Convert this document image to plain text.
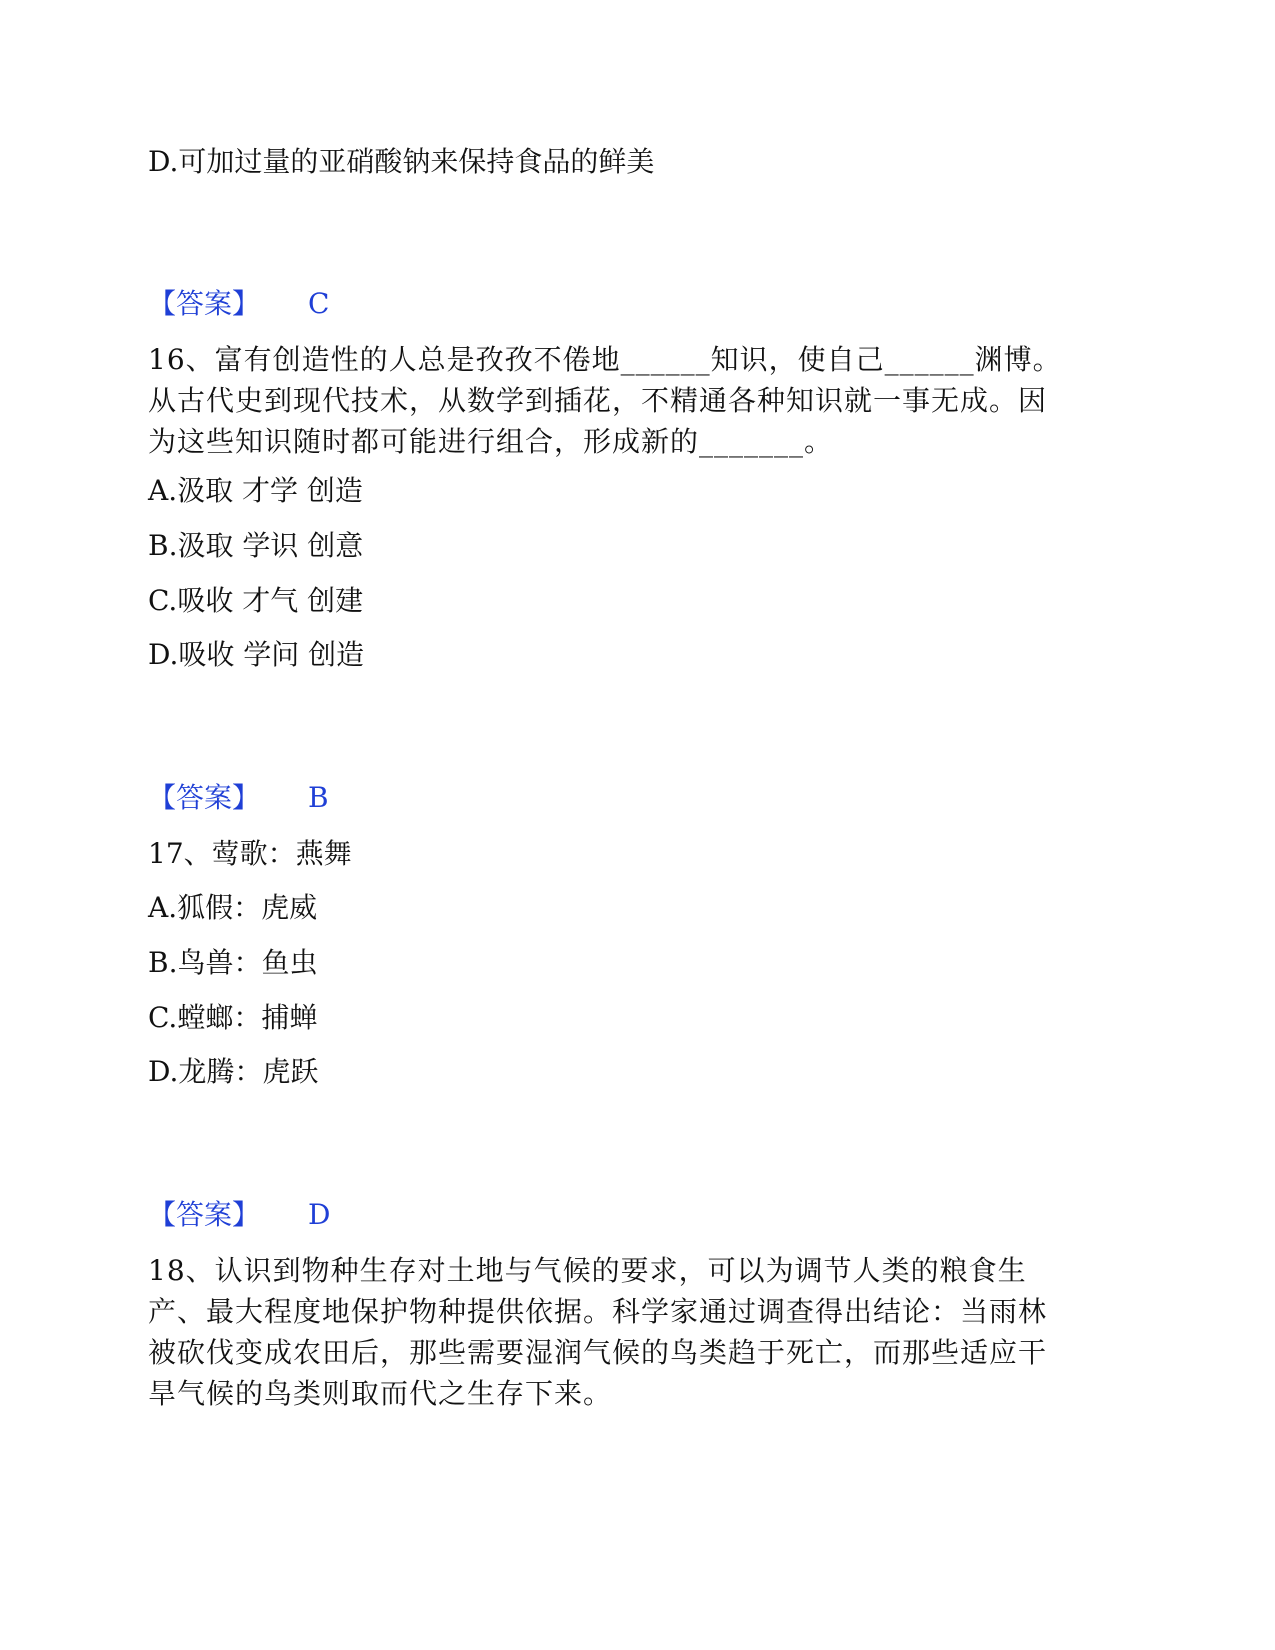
D.可加过量的亚硝酸钠来保持食品的鲜美
【答案】 C
16、富有创造性的人总是孜孜不倦地______知识，使自己______渊博。从古代史到现代技术，从数学到插花，不精通各种知识就一事无成。因为这些知识随时都可能进行组合，形成新的_______。
A.汲取 才学 创造
B.汲取 学识 创意
C.吸收 才气 创建
D.吸收 学问 创造
【答案】 B
17、莺歌：燕舞
A.狐假：虎威
B.鸟兽：鱼虫
C.螳螂：捕蝉
D.龙腾：虎跃
【答案】 D
18、认识到物种生存对土地与气候的要求，可以为调节人类的粮食生产、最大程度地保护物种提供依据。科学家通过调查得出结论：当雨林被砍伐变成农田后，那些需要湿润气候的鸟类趋于死亡，而那些适应干旱气候的鸟类则取而代之生存下来。
